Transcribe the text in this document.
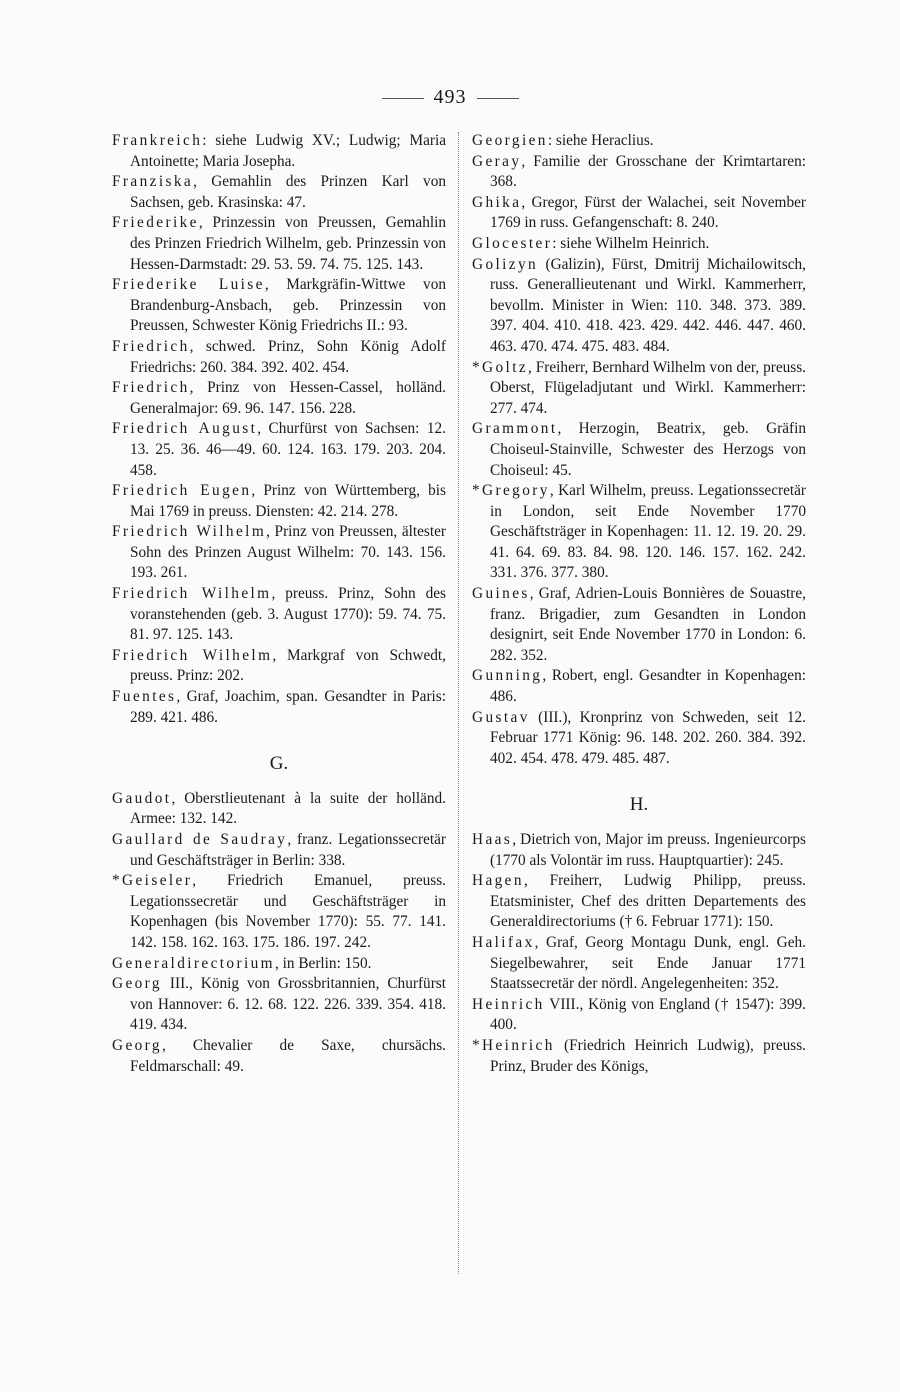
493

Frankreich: siehe Ludwig XV.; Ludwig; Maria Antoinette; Maria Josepha.

Franziska, Gemahlin des Prinzen Karl von Sachsen, geb. Krasinska: 47.

Friederike, Prinzessin von Preussen, Gemahlin des Prinzen Friedrich Wilhelm, geb. Prinzessin von Hessen-Darmstadt: 29. 53. 59. 74. 75. 125. 143.

Friederike Luise, Markgräfin-Wittwe von Brandenburg-Ansbach, geb. Prinzessin von Preussen, Schwester König Friedrichs II.: 93.

Friedrich, schwed. Prinz, Sohn König Adolf Friedrichs: 260. 384. 392. 402. 454.

Friedrich, Prinz von Hessen-Cassel, holländ. Generalmajor: 69. 96. 147. 156. 228.

Friedrich August, Churfürst von Sachsen: 12. 13. 25. 36. 46—49. 60. 124. 163. 179. 203. 204. 458.

Friedrich Eugen, Prinz von Württemberg, bis Mai 1769 in preuss. Diensten: 42. 214. 278.

Friedrich Wilhelm, Prinz von Preussen, ältester Sohn des Prinzen August Wilhelm: 70. 143. 156. 193. 261.

Friedrich Wilhelm, preuss. Prinz, Sohn des voranstehenden (geb. 3. August 1770): 59. 74. 75. 81. 97. 125. 143.

Friedrich Wilhelm, Markgraf von Schwedt, preuss. Prinz: 202.

Fuentes, Graf, Joachim, span. Gesandter in Paris: 289. 421. 486.

G.

Gaudot, Oberstlieutenant à la suite der holländ. Armee: 132. 142.

Gaullard de Saudray, franz. Legationssecretär und Geschäftsträger in Berlin: 338.

*Geiseler, Friedrich Emanuel, preuss. Legationssecretär und Geschäftsträger in Kopenhagen (bis November 1770): 55. 77. 141. 142. 158. 162. 163. 175. 186. 197. 242.

Generaldirectorium, in Berlin: 150.

Georg III., König von Grossbritannien, Churfürst von Hannover: 6. 12. 68. 122. 226. 339. 354. 418. 419. 434.

Georg, Chevalier de Saxe, chursächs. Feldmarschall: 49.

Georgien: siehe Heraclius.

Geray, Familie der Grosschane der Krimtartaren: 368.

Ghika, Gregor, Fürst der Walachei, seit November 1769 in russ. Gefangenschaft: 8. 240.

Glocester: siehe Wilhelm Heinrich.

Golizyn (Galizin), Fürst, Dmitrij Michailowitsch, russ. Generallieutenant und Wirkl. Kammerherr, bevollm. Minister in Wien: 110. 348. 373. 389. 397. 404. 410. 418. 423. 429. 442. 446. 447. 460. 463. 470. 474. 475. 483. 484.

*Goltz, Freiherr, Bernhard Wilhelm von der, preuss. Oberst, Flügeladjutant und Wirkl. Kammerherr: 277. 474.

Grammont, Herzogin, Beatrix, geb. Gräfin Choiseul-Stainville, Schwester des Herzogs von Choiseul: 45.

*Gregory, Karl Wilhelm, preuss. Legationssecretär in London, seit Ende November 1770 Geschäftsträger in Kopenhagen: 11. 12. 19. 20. 29. 41. 64. 69. 83. 84. 98. 120. 146. 157. 162. 242. 331. 376. 377. 380.

Guines, Graf, Adrien-Louis Bonnières de Souastre, franz. Brigadier, zum Gesandten in London designirt, seit Ende November 1770 in London: 6. 282. 352.

Gunning, Robert, engl. Gesandter in Kopenhagen: 486.

Gustav (III.), Kronprinz von Schweden, seit 12. Februar 1771 König: 96. 148. 202. 260. 384. 392. 402. 454. 478. 479. 485. 487.

H.

Haas, Dietrich von, Major im preuss. Ingenieurcorps (1770 als Volontär im russ. Hauptquartier): 245.

Hagen, Freiherr, Ludwig Philipp, preuss. Etatsminister, Chef des dritten Departements des Generaldirectoriums († 6. Februar 1771): 150.

Halifax, Graf, Georg Montagu Dunk, engl. Geh. Siegelbewahrer, seit Ende Januar 1771 Staatssecretär der nördl. Angelegenheiten: 352.

Heinrich VIII., König von England († 1547): 399. 400.

*Heinrich (Friedrich Heinrich Ludwig), preuss. Prinz, Bruder des Königs,
